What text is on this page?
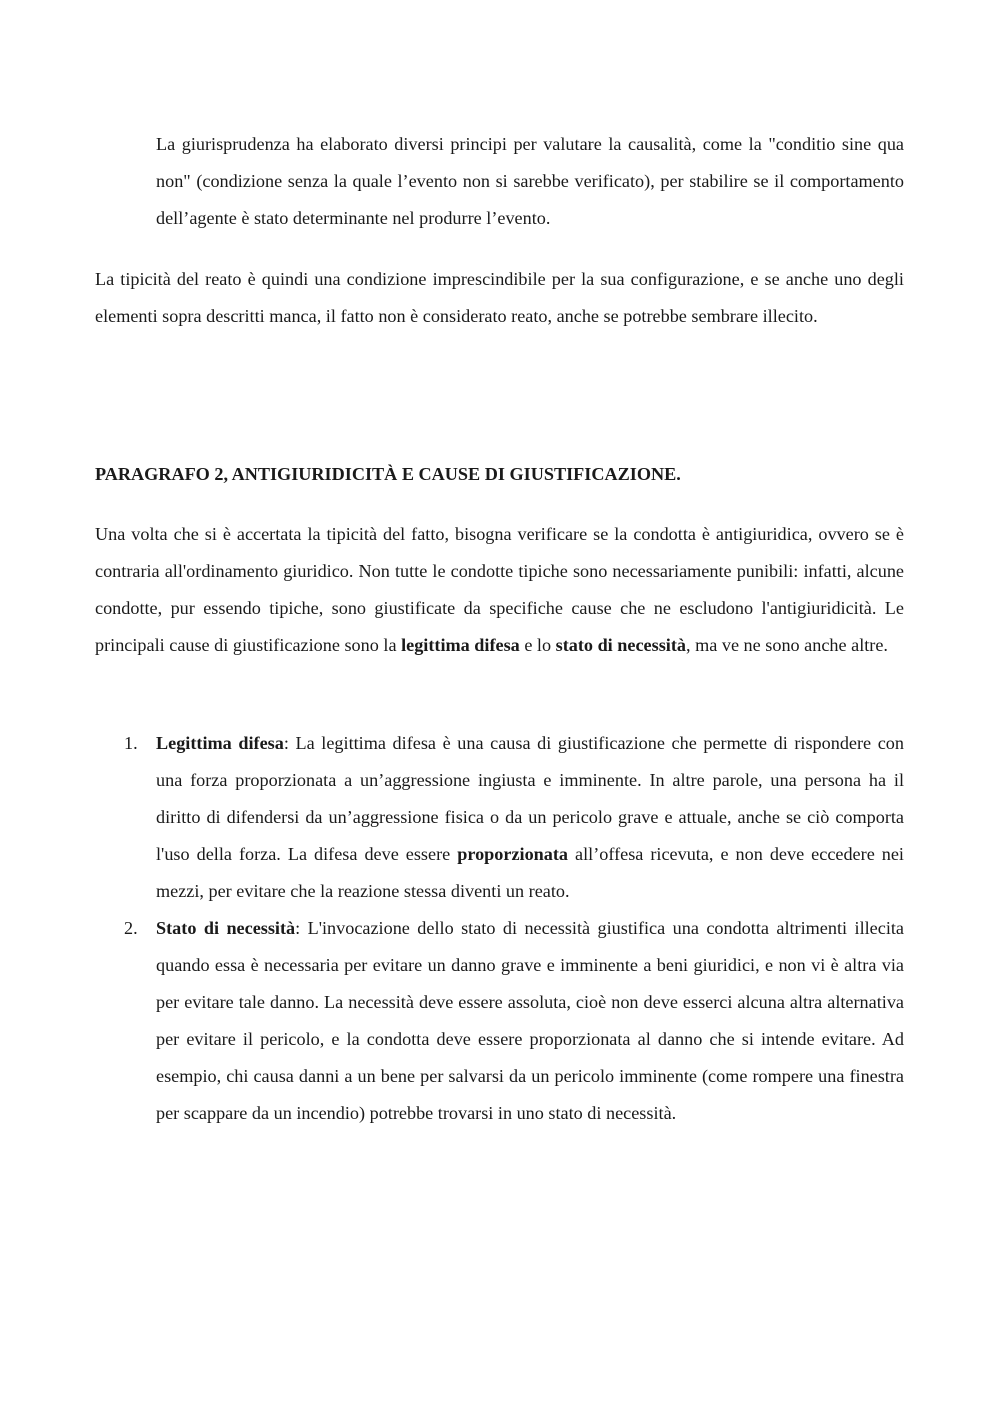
La giurisprudenza ha elaborato diversi principi per valutare la causalità, come la "conditio sine qua non" (condizione senza la quale l’evento non si sarebbe verificato), per stabilire se il comportamento dell’agente è stato determinante nel produrre l’evento.

La tipicità del reato è quindi una condizione imprescindibile per la sua configurazione, e se anche uno degli elementi sopra descritti manca, il fatto non è considerato reato, anche se potrebbe sembrare illecito.

PARAGRAFO 2, ANTIGIURIDICITÀ E CAUSE DI GIUSTIFICAZIONE.

Una volta che si è accertata la tipicità del fatto, bisogna verificare se la condotta è antigiuridica, ovvero se è contraria all'ordinamento giuridico. Non tutte le condotte tipiche sono necessariamente punibili: infatti, alcune condotte, pur essendo tipiche, sono giustificate da specifiche cause che ne escludono l'antigiuridicità. Le principali cause di giustificazione sono la legittima difesa e lo stato di necessità, ma ve ne sono anche altre.

1. Legittima difesa: La legittima difesa è una causa di giustificazione che permette di rispondere con una forza proporzionata a un’aggressione ingiusta e imminente. In altre parole, una persona ha il diritto di difendersi da un’aggressione fisica o da un pericolo grave e attuale, anche se ciò comporta l'uso della forza. La difesa deve essere proporzionata all’offesa ricevuta, e non deve eccedere nei mezzi, per evitare che la reazione stessa diventi un reato.
2. Stato di necessità: L'invocazione dello stato di necessità giustifica una condotta altrimenti illecita quando essa è necessaria per evitare un danno grave e imminente a beni giuridici, e non vi è altra via per evitare tale danno. La necessità deve essere assoluta, cioè non deve esserci alcuna altra alternativa per evitare il pericolo, e la condotta deve essere proporzionata al danno che si intende evitare. Ad esempio, chi causa danni a un bene per salvarsi da un pericolo imminente (come rompere una finestra per scappare da un incendio) potrebbe trovarsi in uno stato di necessità.
